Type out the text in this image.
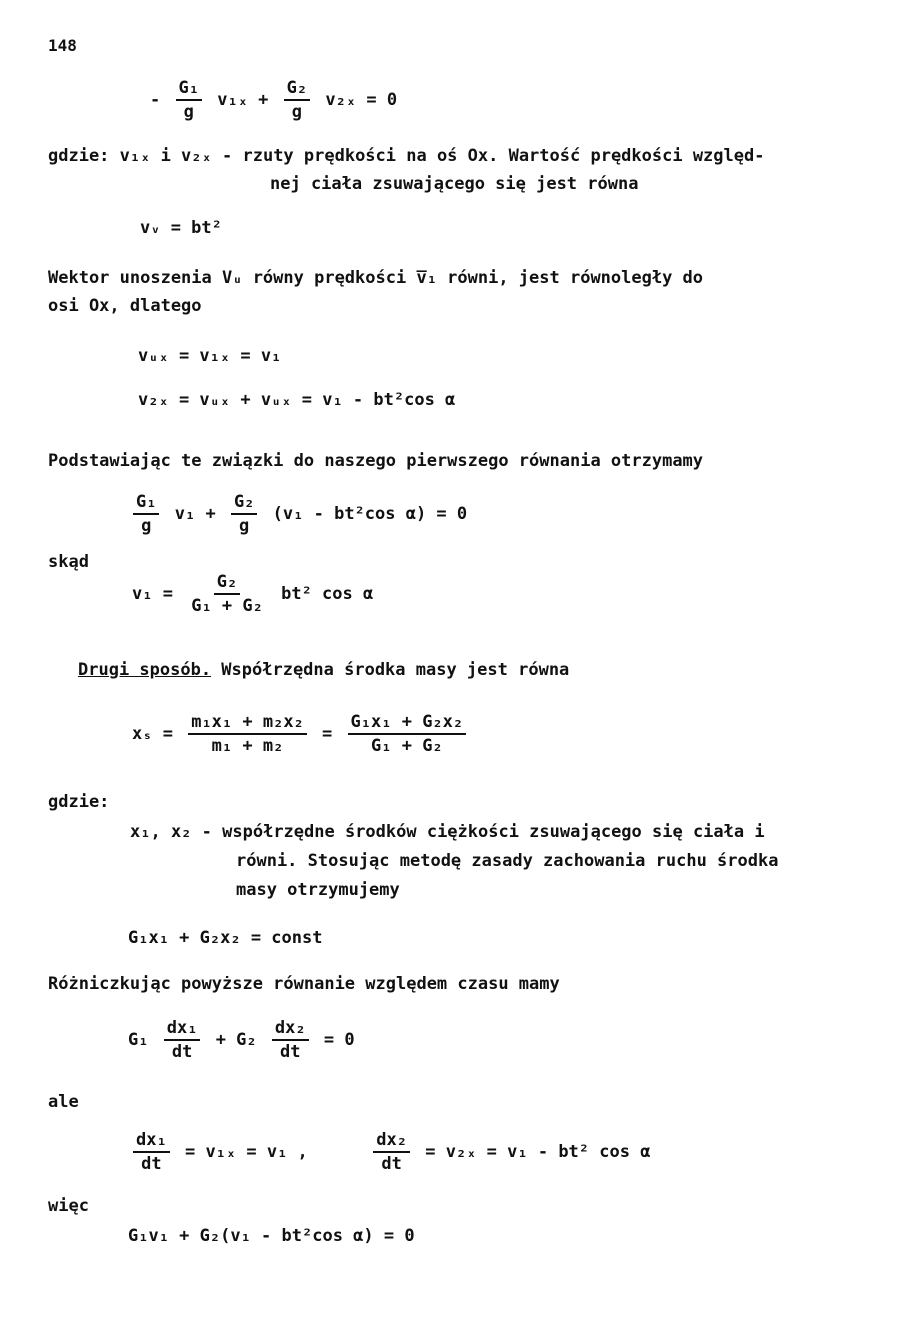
148
- $\frac{\text{G₁}}{g} v_{1x} + \frac{\text{G₂}}{g} v_{2x} = 0$
gdzie: v₁ₓ i v₂ₓ - rzuty prędkości na oś Ox. Wartość prędkości względ-
nej ciała zsuwającego się jest równa
vᵥ = bt²
Wektor unoszenia Vᵤ równy prędkości v̅₁ równi, jest równoległy do
osi Ox, dlatego
vᵤₓ = v₁ₓ = v₁
v₂ₓ = vᵤₓ + vᵤₓ = v₁ - bt²cos α
Podstawiając te związki do naszego pierwszego równania otrzymamy
$\frac{\text{G₁}}{g} v_1 + \frac{\text{G₂}}{g} (v_1 - bt^2\cos$ α) = 0
skąd
$v_1 = \frac{\text{G₂}}{\text{G₁ + G₂}} bt^2$ cos α
Drugi sposób. Współrzędna środka masy jest równa
$x_s = \frac{\text{m₁x₁ + m₂x₂}}{\text{m₁ + m₂}} = \frac{\text{G₁x₁ + G₂x₂}}{\text{G₁ + G₂}}$
gdzie:
x₁, x₂ - współrzędne środków ciężkości zsuwającego się ciała i
równi. Stosując metodę zasady zachowania ruchu środka
masy otrzymujemy
G₁x₁ + G₂x₂ = const
Różniczkując powyższe równanie względem czasu mamy
$G_1 \frac{\text{dx₁}}{dt} + G_2 \frac{\text{dx₂}}{dt} = 0$
ale
$\frac{\text{dx₁}}{dt} = v_{1x} = v_1$ ,	$\frac{\text{dx₂}}{dt} = v_{2x} = v_1 - bt^2$ cos α
więc
G₁v₁ + G₂(v₁ - bt²cos α) = 0
